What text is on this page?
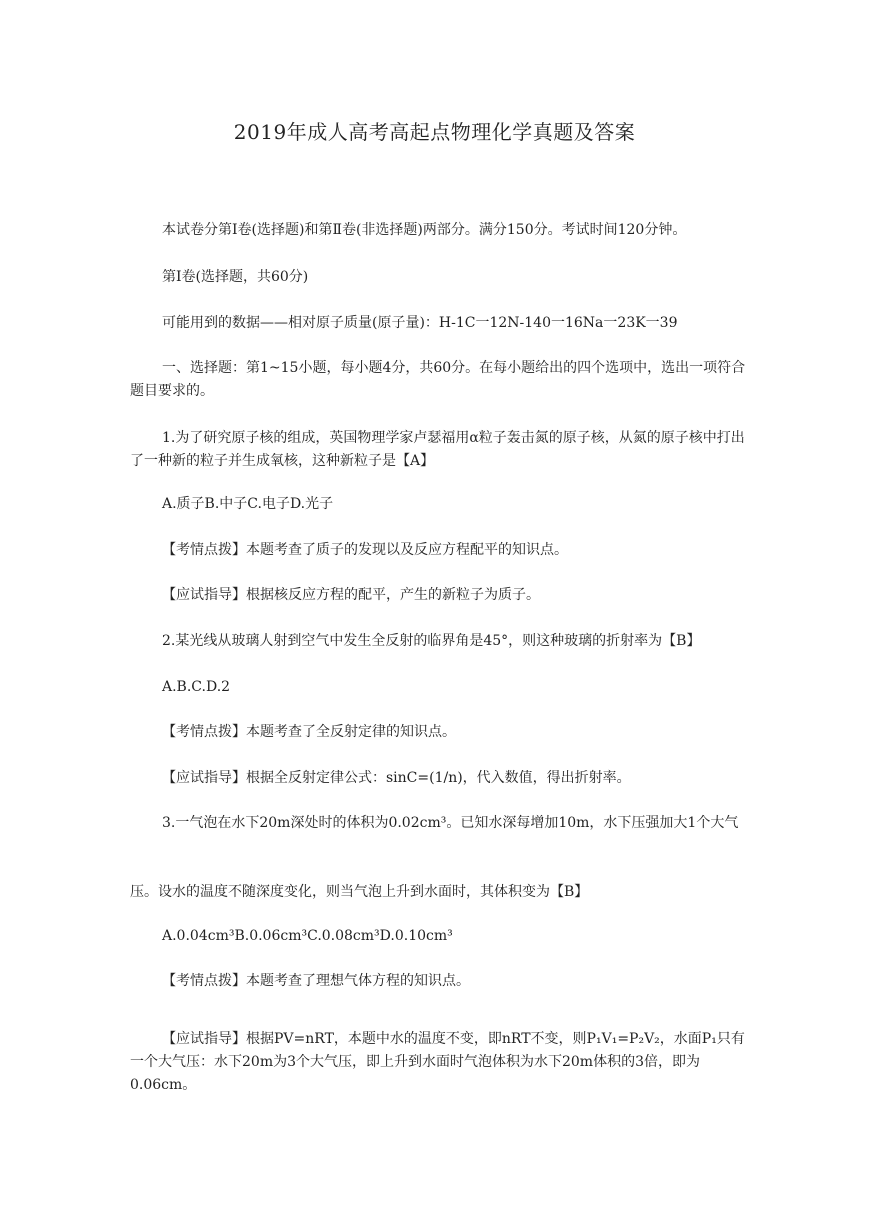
2019年成人高考高起点物理化学真题及答案
本试卷分第Ⅰ卷(选择题)和第Ⅱ卷(非选择题)两部分。满分150分。考试时间120分钟。
第Ⅰ卷(选择题，共60分)
可能用到的数据——相对原子质量(原子量)：H-1C一12N-140一16Na一23K一39
一、选择题：第1~15小题，每小题4分，共60分。在每小题给出的四个选项中，选出一项符合题目要求的。
1.为了研究原子核的组成，英国物理学家卢瑟福用α粒子轰击氮的原子核，从氮的原子核中打出了一种新的粒子并生成氧核，这种新粒子是【A】
A.质子B.中子C.电子D.光子
【考情点拨】本题考查了质子的发现以及反应方程配平的知识点。
【应试指导】根据核反应方程的配平，产生的新粒子为质子。
2.某光线从玻璃人射到空气中发生全反射的临界角是45°，则这种玻璃的折射率为【B】
A.B.C.D.2
【考情点拨】本题考查了全反射定律的知识点。
【应试指导】根据全反射定律公式：sinC=(1/n)，代入数值，得出折射率。
3.一气泡在水下20m深处时的体积为0.02cm³。已知水深每增加10m，水下压强加大1个大气
压。设水的温度不随深度变化，则当气泡上升到水面时，其体积变为【B】
A.0.04cm³B.0.06cm³C.0.08cm³D.0.10cm³
【考情点拨】本题考查了理想气体方程的知识点。
【应试指导】根据PV=nRT，本题中水的温度不变，即nRT不变，则P₁V₁=P₂V₂，水面P₁只有一个大气压：水下20m为3个大气压，即上升到水面时气泡体积为水下20m体积的3倍，即为0.06cm。
